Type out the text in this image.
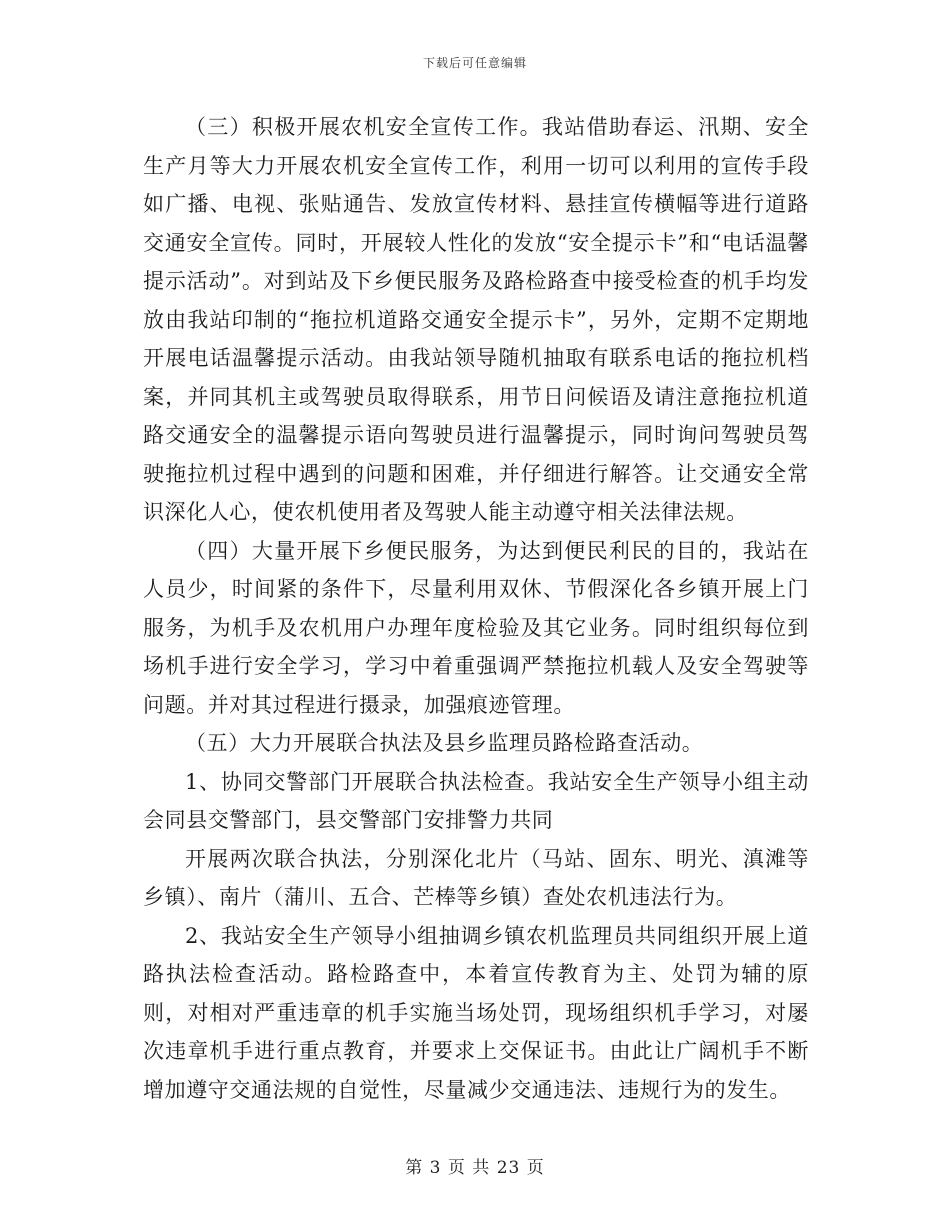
下载后可任意编辑

（三）积极开展农机安全宣传工作。我站借助春运、汛期、安全生产月等大力开展农机安全宣传工作，利用一切可以利用的宣传手段如广播、电视、张贴通告、发放宣传材料、悬挂宣传横幅等进行道路交通安全宣传。同时，开展较人性化的发放“安全提示卡”和“电话温馨提示活动”。对到站及下乡便民服务及路检路查中接受检查的机手均发放由我站印制的“拖拉机道路交通安全提示卡”，另外，定期不定期地开展电话温馨提示活动。由我站领导随机抽取有联系电话的拖拉机档案，并同其机主或驾驶员取得联系，用节日问候语及请注意拖拉机道路交通安全的温馨提示语向驾驶员进行温馨提示，同时询问驾驶员驾驶拖拉机过程中遇到的问题和困难，并仔细进行解答。让交通安全常识深化人心，使农机使用者及驾驶人能主动遵守相关法律法规。

（四）大量开展下乡便民服务，为达到便民利民的目的，我站在人员少，时间紧的条件下，尽量利用双休、节假深化各乡镇开展上门服务，为机手及农机用户办理年度检验及其它业务。同时组织每位到场机手进行安全学习，学习中着重强调严禁拖拉机载人及安全驾驶等问题。并对其过程进行摄录，加强痕迹管理。

（五）大力开展联合执法及县乡监理员路检路查活动。

1、协同交警部门开展联合执法检查。我站安全生产领导小组主动会同县交警部门，县交警部门安排警力共同

开展两次联合执法，分别深化北片（马站、固东、明光、滇滩等乡镇）、南片（蒲川、五合、芒棒等乡镇）查处农机违法行为。

2、我站安全生产领导小组抽调乡镇农机监理员共同组织开展上道路执法检查活动。路检路查中，本着宣传教育为主、处罚为辅的原则，对相对严重违章的机手实施当场处罚，现场组织机手学习，对屡次违章机手进行重点教育，并要求上交保证书。由此让广阔机手不断增加遵守交通法规的自觉性，尽量减少交通违法、违规行为的发生。

第 3 页 共 23 页
